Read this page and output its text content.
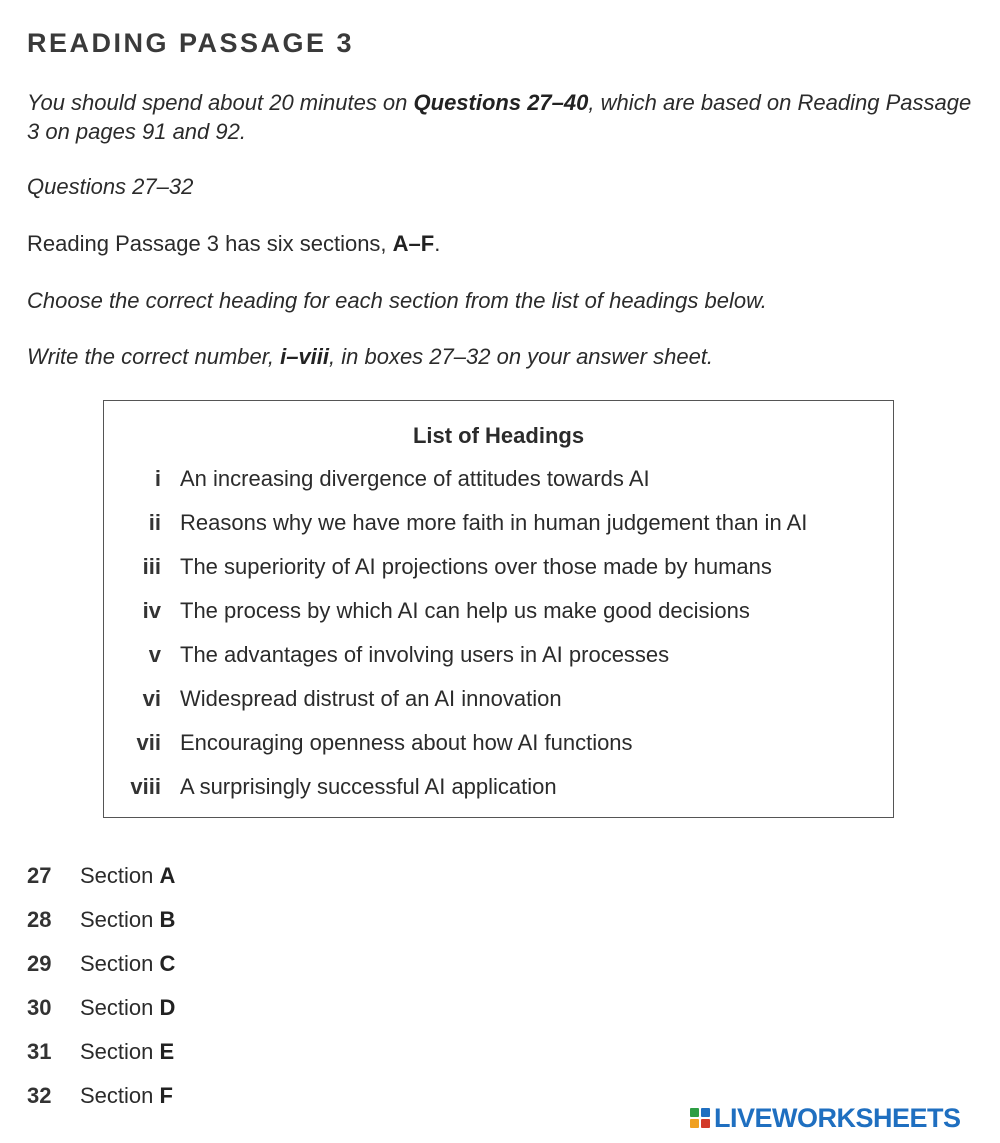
READING PASSAGE 3
You should spend about 20 minutes on Questions 27–40, which are based on Reading Passage 3 on pages 91 and 92.
Questions 27–32
Reading Passage 3 has six sections, A–F.
Choose the correct heading for each section from the list of headings below.
Write the correct number, i–viii, in boxes 27–32 on your answer sheet.
List of Headings
i An increasing divergence of attitudes towards AI
ii Reasons why we have more faith in human judgement than in AI
iii The superiority of AI projections over those made by humans
iv The process by which AI can help us make good decisions
v The advantages of involving users in AI processes
vi Widespread distrust of an AI innovation
vii Encouraging openness about how AI functions
viii A surprisingly successful AI application
27 Section A
28 Section B
29 Section C
30 Section D
31 Section E
32 Section F
LIVEWORKSHEETS
